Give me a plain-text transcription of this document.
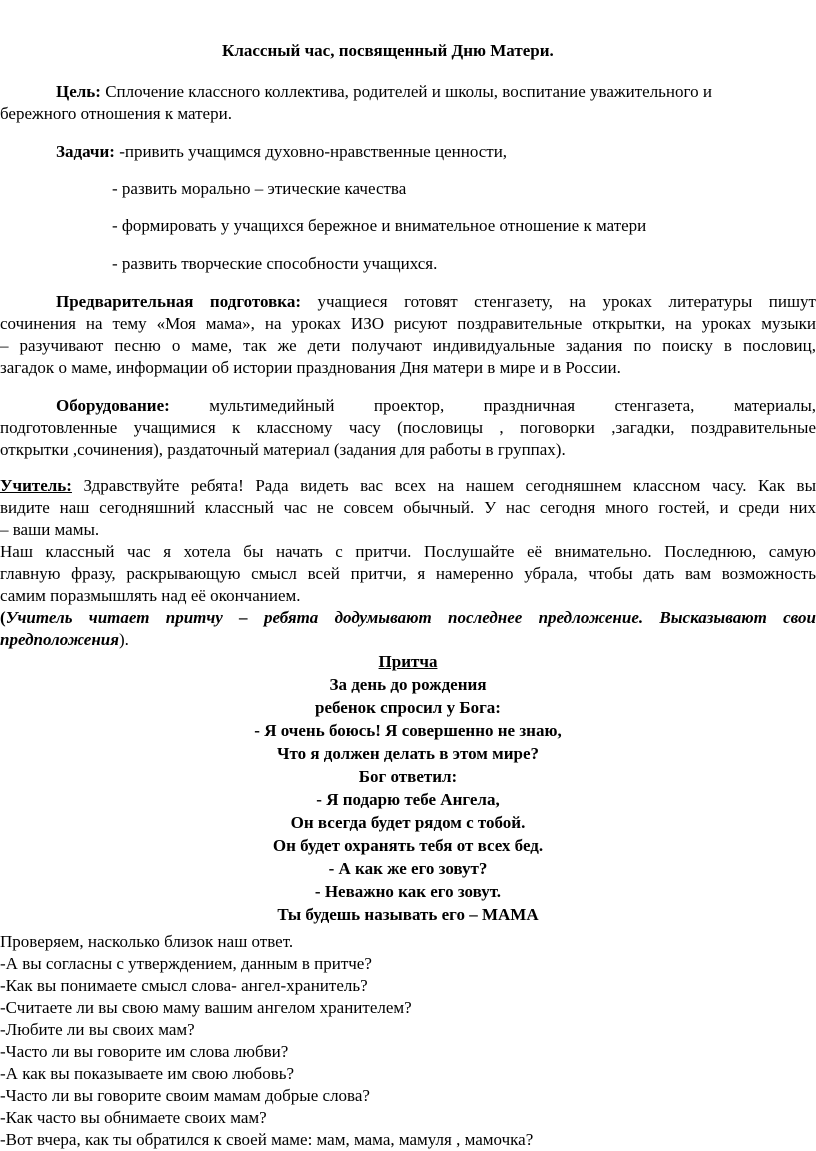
Классный час, посвященный Дню Матери.

Цель: Сплочение классного коллектива, родителей и школы, воспитание уважительного и

бережного отношения к матери.

Задачи: -привить учащимся духовно-нравственные ценности,

- развить морально – этические качества

- формировать у учащихся бережное и внимательное отношение к матери

- развить творческие способности учащихся.

Предварительная подготовка: учащиеся готовят стенгазету, на уроках литературы пишут

сочинения на тему «Моя мама», на уроках ИЗО рисуют поздравительные открытки, на уроках музыки

– разучивают песню о маме, так же дети получают индивидуальные задания по поиску в пословиц,

загадок о маме, информации об истории празднования Дня матери в мире и в России.

Оборудование: мультимедийный проектор, праздничная стенгазета, материалы,

подготовленные учащимися к классному часу (пословицы , поговорки ,загадки, поздравительные

открытки ,сочинения), раздаточный материал (задания для работы в группах).

Учитель: Здравствуйте ребята! Рада видеть вас всех на нашем сегодняшнем классном часу. Как вы

видите наш сегодняшний классный час не совсем обычный. У нас сегодня много гостей, и среди них

– ваши мамы.

Наш классный час я хотела бы начать с притчи. Послушайте её внимательно. Последнюю, самую

главную фразу, раскрывающую смысл всей притчи, я намеренно убрала, чтобы дать вам возможность

самим поразмышлять над её окончанием.

(Учитель читает притчу – ребята додумывают последнее предложение. Высказывают свои

предположения).

Притча

За день до рождения

ребенок спросил у Бога:

- Я очень боюсь! Я совершенно не знаю,

Что я должен делать в этом мире?

Бог ответил:

- Я подарю тебе Ангела,

Он всегда будет рядом с тобой.

Он будет охранять тебя от всех бед.

- А как же его зовут?

- Неважно как его зовут.

Ты будешь называть его – МАМА

Проверяем, насколько близок наш ответ.

-А вы согласны с утверждением, данным в притче?

-Как вы понимаете смысл слова- ангел-хранитель?

-Считаете ли вы свою маму вашим ангелом хранителем?

-Любите ли вы своих мам?

-Часто ли вы говорите им слова любви?

-А как вы показываете им свою любовь?

-Часто ли вы говорите своим мамам добрые слова?

-Как часто вы обнимаете своих мам?

-Вот вчера, как ты обратился к своей маме: мам, мама, мамуля , мамочка?
